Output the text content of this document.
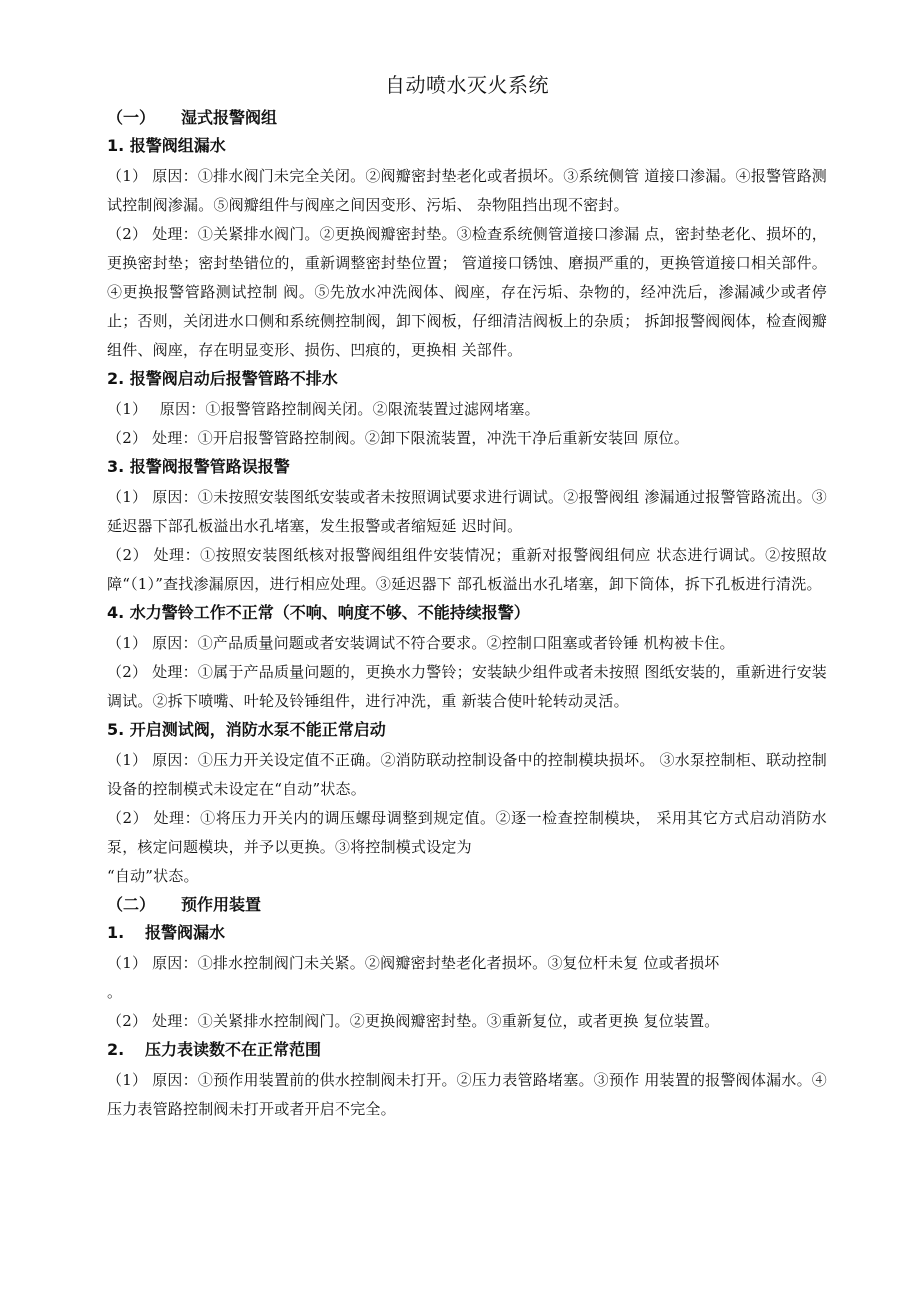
自动喷水灭火系统
（一） 湿式报警阀组
1. 报警阀组漏水

（1） 原因：①排水阀门未完全关闭。②阀瓣密封垫老化或者损坏。③系统侧管 道接口渗漏。④报警管路测试控制阀渗漏。⑤阀瓣组件与阀座之间因变形、污垢、 杂物阻挡出现不密封。

（2） 处理：①关紧排水阀门。②更换阀瓣密封垫。③检查系统侧管道接口渗漏 点，密封垫老化、损坏的，更换密封垫；密封垫错位的，重新调整密封垫位置； 管道接口锈蚀、磨损严重的，更换管道接口相关部件。④更换报警管路测试控制 阀。⑤先放水冲洗阀体、阀座，存在污垢、杂物的，经冲洗后，渗漏减少或者停 止；否则，关闭进水口侧和系统侧控制阀，卸下阀板，仔细清洁阀板上的杂质； 拆卸报警阀阀体，检查阀瓣组件、阀座，存在明显变形、损伤、凹痕的，更换相 关部件。

2. 报警阀启动后报警管路不排水

（1）　 原因：①报警管路控制阀关闭。②限流装置过滤网堵塞。

（2） 处理：①开启报警管路控制阀。②卸下限流装置，冲洗干净后重新安装回 原位。

3. 报警阀报警管路误报警

（1） 原因：①未按照安装图纸安装或者未按照调试要求进行调试。②报警阀组 渗漏通过报警管路流出。③延迟器下部孔板溢出水孔堵塞，发生报警或者缩短延 迟时间。

（2） 处理：①按照安装图纸核对报警阀组组件安装情况；重新对报警阀组伺应 状态进行调试。②按照故障“（1）”查找渗漏原因，进行相应处理。③延迟器下 部孔板溢出水孔堵塞，卸下筒体，拆下孔板进行清洗。

4. 水力警铃工作不正常（不响、响度不够、不能持续报警）

（1） 原因：①产品质量问题或者安装调试不符合要求。②控制口阻塞或者铃锤 机构被卡住。

（2） 处理：①属于产品质量问题的，更换水力警铃；安装缺少组件或者未按照 图纸安装的，重新进行安装调试。②拆下喷嘴、叶轮及铃锤组件，进行冲洗，重 新装合使叶轮转动灵活。

5. 开启测试阀，消防水泵不能正常启动

（1） 原因：①压力开关设定值不正确。②消防联动控制设备中的控制模块损坏。 ③水泵控制柜、联动控制设备的控制模式未设定在“自动”状态。

（2） 处理：①将压力开关内的调压螺母调整到规定值。②逐一检查控制模块， 采用其它方式启动消防水泵，核定问题模块，并予以更换。③将控制模式设定为

“自动”状态。

（二） 预作用装置
1. 报警阀漏水

（1） 原因：①排水控制阀门未关紧。②阀瓣密封垫老化者损坏。③复位杆未复 位或者损坏

。

（2） 处理：①关紧排水控制阀门。②更换阀瓣密封垫。③重新复位，或者更换 复位装置。

2. 压力表读数不在正常范围

（1） 原因：①预作用装置前的供水控制阀未打开。②压力表管路堵塞。③预作 用装置的报警阀体漏水。④压力表管路控制阀未打开或者开启不完全。
